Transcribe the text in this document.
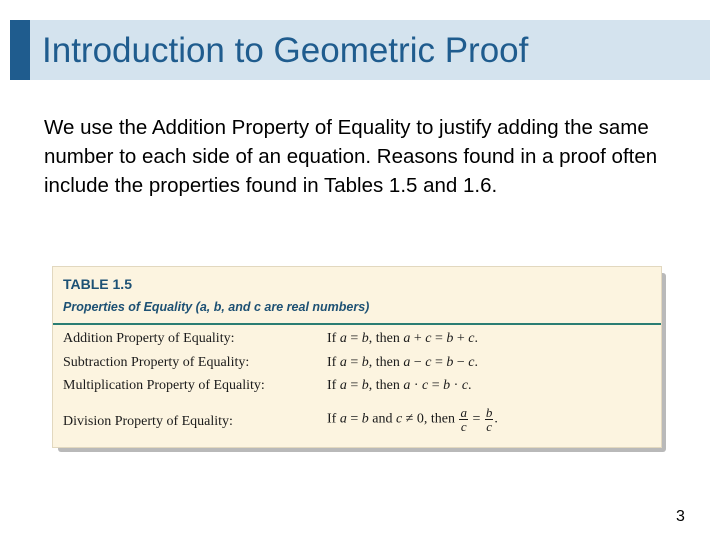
Introduction to Geometric Proof
We use the Addition Property of Equality to justify adding the same number to each side of an equation. Reasons found in a proof often include the properties found in Tables 1.5 and 1.6.
TABLE 1.5
Properties of Equality (a, b, and c are real numbers)
Addition Property of Equality:	If a = b, then a + c = b + c.
Subtraction Property of Equality:	If a = b, then a − c = b − c.
Multiplication Property of Equality:	If a = b, then a · c = b · c.
Division Property of Equality:	If a = b and c ≠ 0, then $\frac{a}{c} = \frac{b}{c}$ .
3
